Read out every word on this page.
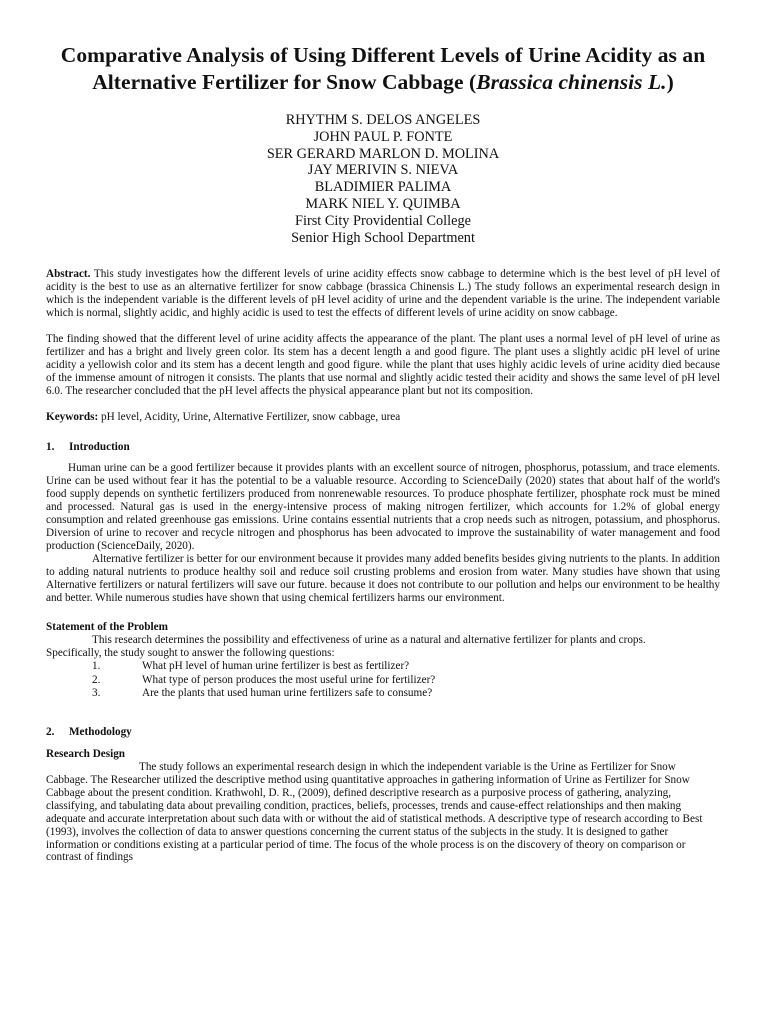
Comparative Analysis of Using Different Levels of Urine Acidity as an
Alternative Fertilizer for Snow Cabbage (Brassica chinensis L.)
RHYTHM S. DELOS ANGELES
JOHN PAUL P. FONTE
SER GERARD MARLON D. MOLINA
JAY MERIVIN S. NIEVA
BLADIMIER PALIMA
MARK NIEL Y. QUIMBA
First City Providential College
Senior High School Department

Abstract. This study investigates how the different levels of urine acidity effects snow cabbage to determine which is the best level of pH level of acidity is the best to use as an alternative fertilizer for snow cabbage (brassica Chinensis L.) The study follows an experimental research design in which is the independent variable is the different levels of pH level acidity of urine and the dependent variable is the urine. The independent variable which is normal, slightly acidic, and highly acidic is used to test the effects of different levels of urine acidity on snow cabbage.

The finding showed that the different level of urine acidity affects the appearance of the plant. The plant uses a normal level of pH level of urine as fertilizer and has a bright and lively green color. Its stem has a decent length a and good figure. The plant uses a slightly acidic pH level of urine acidity a yellowish color and its stem has a decent length and good figure. while the plant that uses highly acidic levels of urine acidity died because of the immense amount of nitrogen it consists. The plants that use normal and slightly acidic tested their acidity and shows the same level of pH level 6.0. The researcher concluded that the pH level affects the physical appearance plant but not its composition.

Keywords: pH level, Acidity, Urine, Alternative Fertilizer, snow cabbage, urea

1. Introduction

Human urine can be a good fertilizer because it provides plants with an excellent source of nitrogen, phosphorus, potassium, and trace elements. Urine can be used without fear it has the potential to be a valuable resource. According to ScienceDaily (2020) states that about half of the world's food supply depends on synthetic fertilizers produced from nonrenewable resources. To produce phosphate fertilizer, phosphate rock must be mined and processed. Natural gas is used in the energy-intensive process of making nitrogen fertilizer, which accounts for 1.2% of global energy consumption and related greenhouse gas emissions. Urine contains essential nutrients that a crop needs such as nitrogen, potassium, and phosphorus. Diversion of urine to recover and recycle nitrogen and phosphorus has been advocated to improve the sustainability of water management and food production (ScienceDaily, 2020).

Alternative fertilizer is better for our environment because it provides many added benefits besides giving nutrients to the plants. In addition to adding natural nutrients to produce healthy soil and reduce soil crusting problems and erosion from water. Many studies have shown that using Alternative fertilizers or natural fertilizers will save our future. because it does not contribute to our pollution and helps our environment to be healthy and better. While numerous studies have shown that using chemical fertilizers harms our environment.

Statement of the Problem

This research determines the possibility and effectiveness of urine as a natural and alternative fertilizer for plants and crops.

Specifically, the study sought to answer the following questions:

1.	What pH level of human urine fertilizer is best as fertilizer?
2.	What type of person produces the most useful urine for fertilizer?
3.	Are the plants that used human urine fertilizers safe to consume?
2. Methodology
Research Design

The study follows an experimental research design in which the independent variable is the Urine as Fertilizer for Snow Cabbage. The Researcher utilized the descriptive method using quantitative approaches in gathering information of Urine as Fertilizer for Snow Cabbage about the present condition. Krathwohl, D. R., (2009), defined descriptive research as a purposive process of gathering, analyzing, classifying, and tabulating data about prevailing condition, practices, beliefs, processes, trends and cause-effect relationships and then making adequate and accurate interpretation about such data with or without the aid of statistical methods. A descriptive type of research according to Best (1993), involves the collection of data to answer questions concerning the current status of the subjects in the study. It is designed to gather information or conditions existing at a particular period of time. The focus of the whole process is on the discovery of theory on comparison or contrast of findings
